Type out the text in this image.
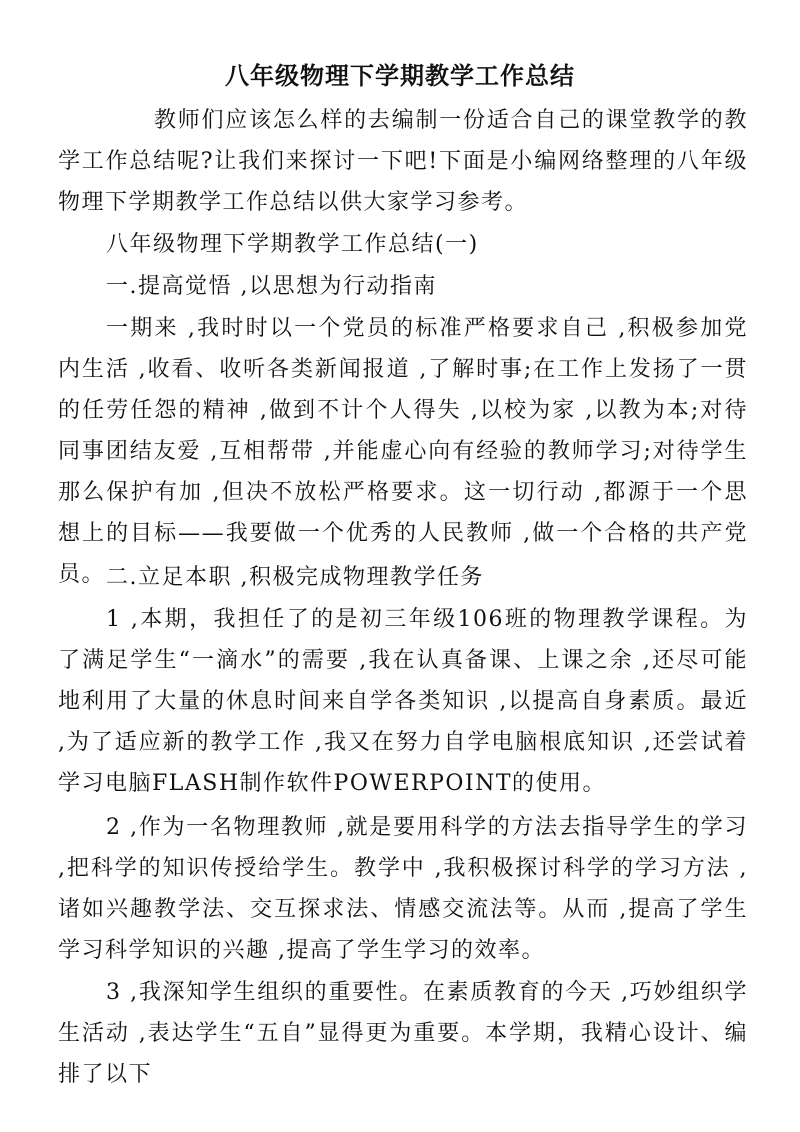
八年级物理下学期教学工作总结

教师们应该怎么样的去编制一份适合自己的课堂教学的教学工作总结呢?让我们来探讨一下吧!下面是小编网络整理的八年级物理下学期教学工作总结以供大家学习参考。

八年级物理下学期教学工作总结(一)

一.提高觉悟 ,以思想为行动指南

一期来 ,我时时以一个党员的标准严格要求自己 ,积极参加党内生活 ,收看、收听各类新闻报道 ,了解时事;在工作上发扬了一贯的任劳任怨的精神 ,做到不计个人得失 ,以校为家 ,以教为本;对待同事团结友爱 ,互相帮带 ,并能虚心向有经验的教师学习;对待学生那么保护有加 ,但决不放松严格要求。这一切行动 ,都源于一个思想上的目标——我要做一个优秀的人民教师 ,做一个合格的共产党员。 二.立足本职 ,积极完成物理教学任务

1 ,本期，我担任了的是初三年级106班的物理教学课程。为了满足学生“一滴水”的需要 ,我在认真备课、上课之余 ,还尽可能地利用了大量的休息时间来自学各类知识 ,以提高自身素质。最近 ,为了适应新的教学工作 ,我又在努力自学电脑根底知识 ,还尝试着学习电脑FLASH制作软件POWERPOINT的使用。

2 ,作为一名物理教师 ,就是要用科学的方法去指导学生的学习 ,把科学的知识传授给学生。教学中 ,我积极探讨科学的学习方法 ,诸如兴趣教学法、交互探求法、情感交流法等。从而 ,提高了学生学习科学知识的兴趣 ,提高了学生学习的效率。

3 ,我深知学生组织的重要性。在素质教育的今天 ,巧妙组织学生活动 ,表达学生“五自”显得更为重要。本学期，我精心设计、编排了以下
